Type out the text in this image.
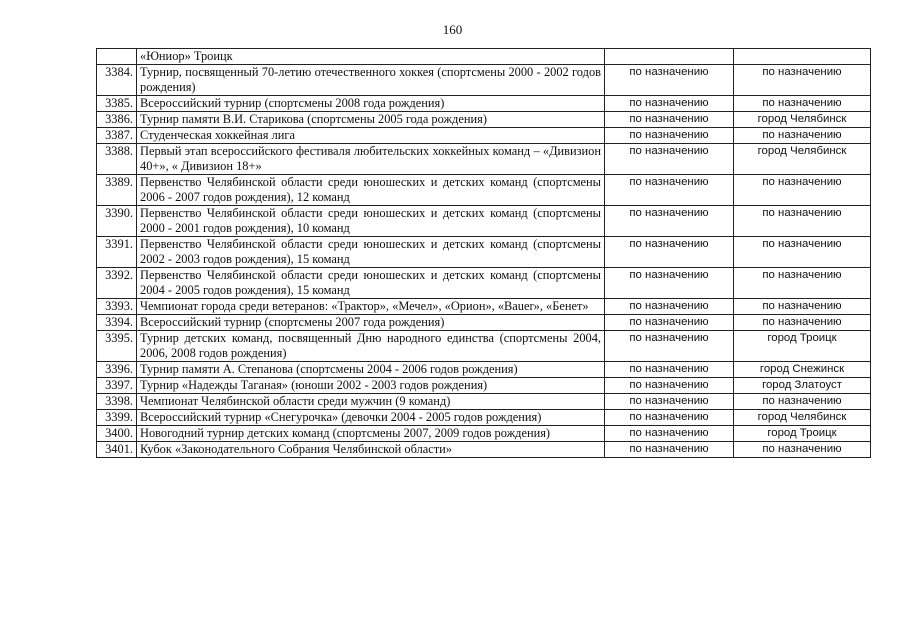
160
	«Юниор» Троицк		
3384.	Турнир, посвященный 70-летию отечественного хоккея (спортсмены 2000 - 2002 годов рождения)	по назначению	по назначению
3385.	Всероссийский турнир (спортсмены 2008 года рождения)	по назначению	по назначению
3386.	Турнир памяти В.И. Старикова (спортсмены 2005 года рождения)	по назначению	город Челябинск
3387.	Студенческая хоккейная лига	по назначению	по назначению
3388.	Первый этап всероссийского фестиваля любительских хоккейных команд – «Дивизион 40+», « Дивизион 18+»	по назначению	город Челябинск
3389.	Первенство Челябинской области среди юношеских и детских команд (спортсмены 2006 - 2007 годов рождения), 12 команд	по назначению	по назначению
3390.	Первенство Челябинской области среди юношеских и детских команд (спортсмены 2000 - 2001 годов рождения), 10 команд	по назначению	по назначению
3391.	Первенство Челябинской области среди юношеских и детских команд (спортсмены 2002 - 2003 годов рождения), 15 команд	по назначению	по назначению
3392.	Первенство Челябинской области среди юношеских и детских команд (спортсмены 2004 - 2005 годов рождения), 15 команд	по назначению	по назначению
3393.	Чемпионат города среди ветеранов: «Трактор», «Мечел», «Орион», «Bauer», «Бенет»	по назначению	по назначению
3394.	Всероссийский турнир (спортсмены 2007 года рождения)	по назначению	по назначению
3395.	Турнир детских команд, посвященный Дню народного единства (спортсмены 2004, 2006, 2008 годов рождения)	по назначению	город Троицк
3396.	Турнир памяти А. Степанова (спортсмены 2004 - 2006 годов рождения)	по назначению	город Снежинск
3397.	Турнир «Надежды Таганая» (юноши 2002 - 2003 годов рождения)	по назначению	город Златоуст
3398.	Чемпионат Челябинской области среди мужчин (9 команд)	по назначению	по назначению
3399.	Всероссийский турнир «Снегурочка» (девочки 2004 - 2005 годов рождения)	по назначению	город Челябинск
3400.	Новогодний турнир детских команд (спортсмены 2007, 2009 годов рождения)	по назначению	город Троицк
3401.	Кубок «Законодательного Собрания Челябинской области»	по назначению	по назначению
